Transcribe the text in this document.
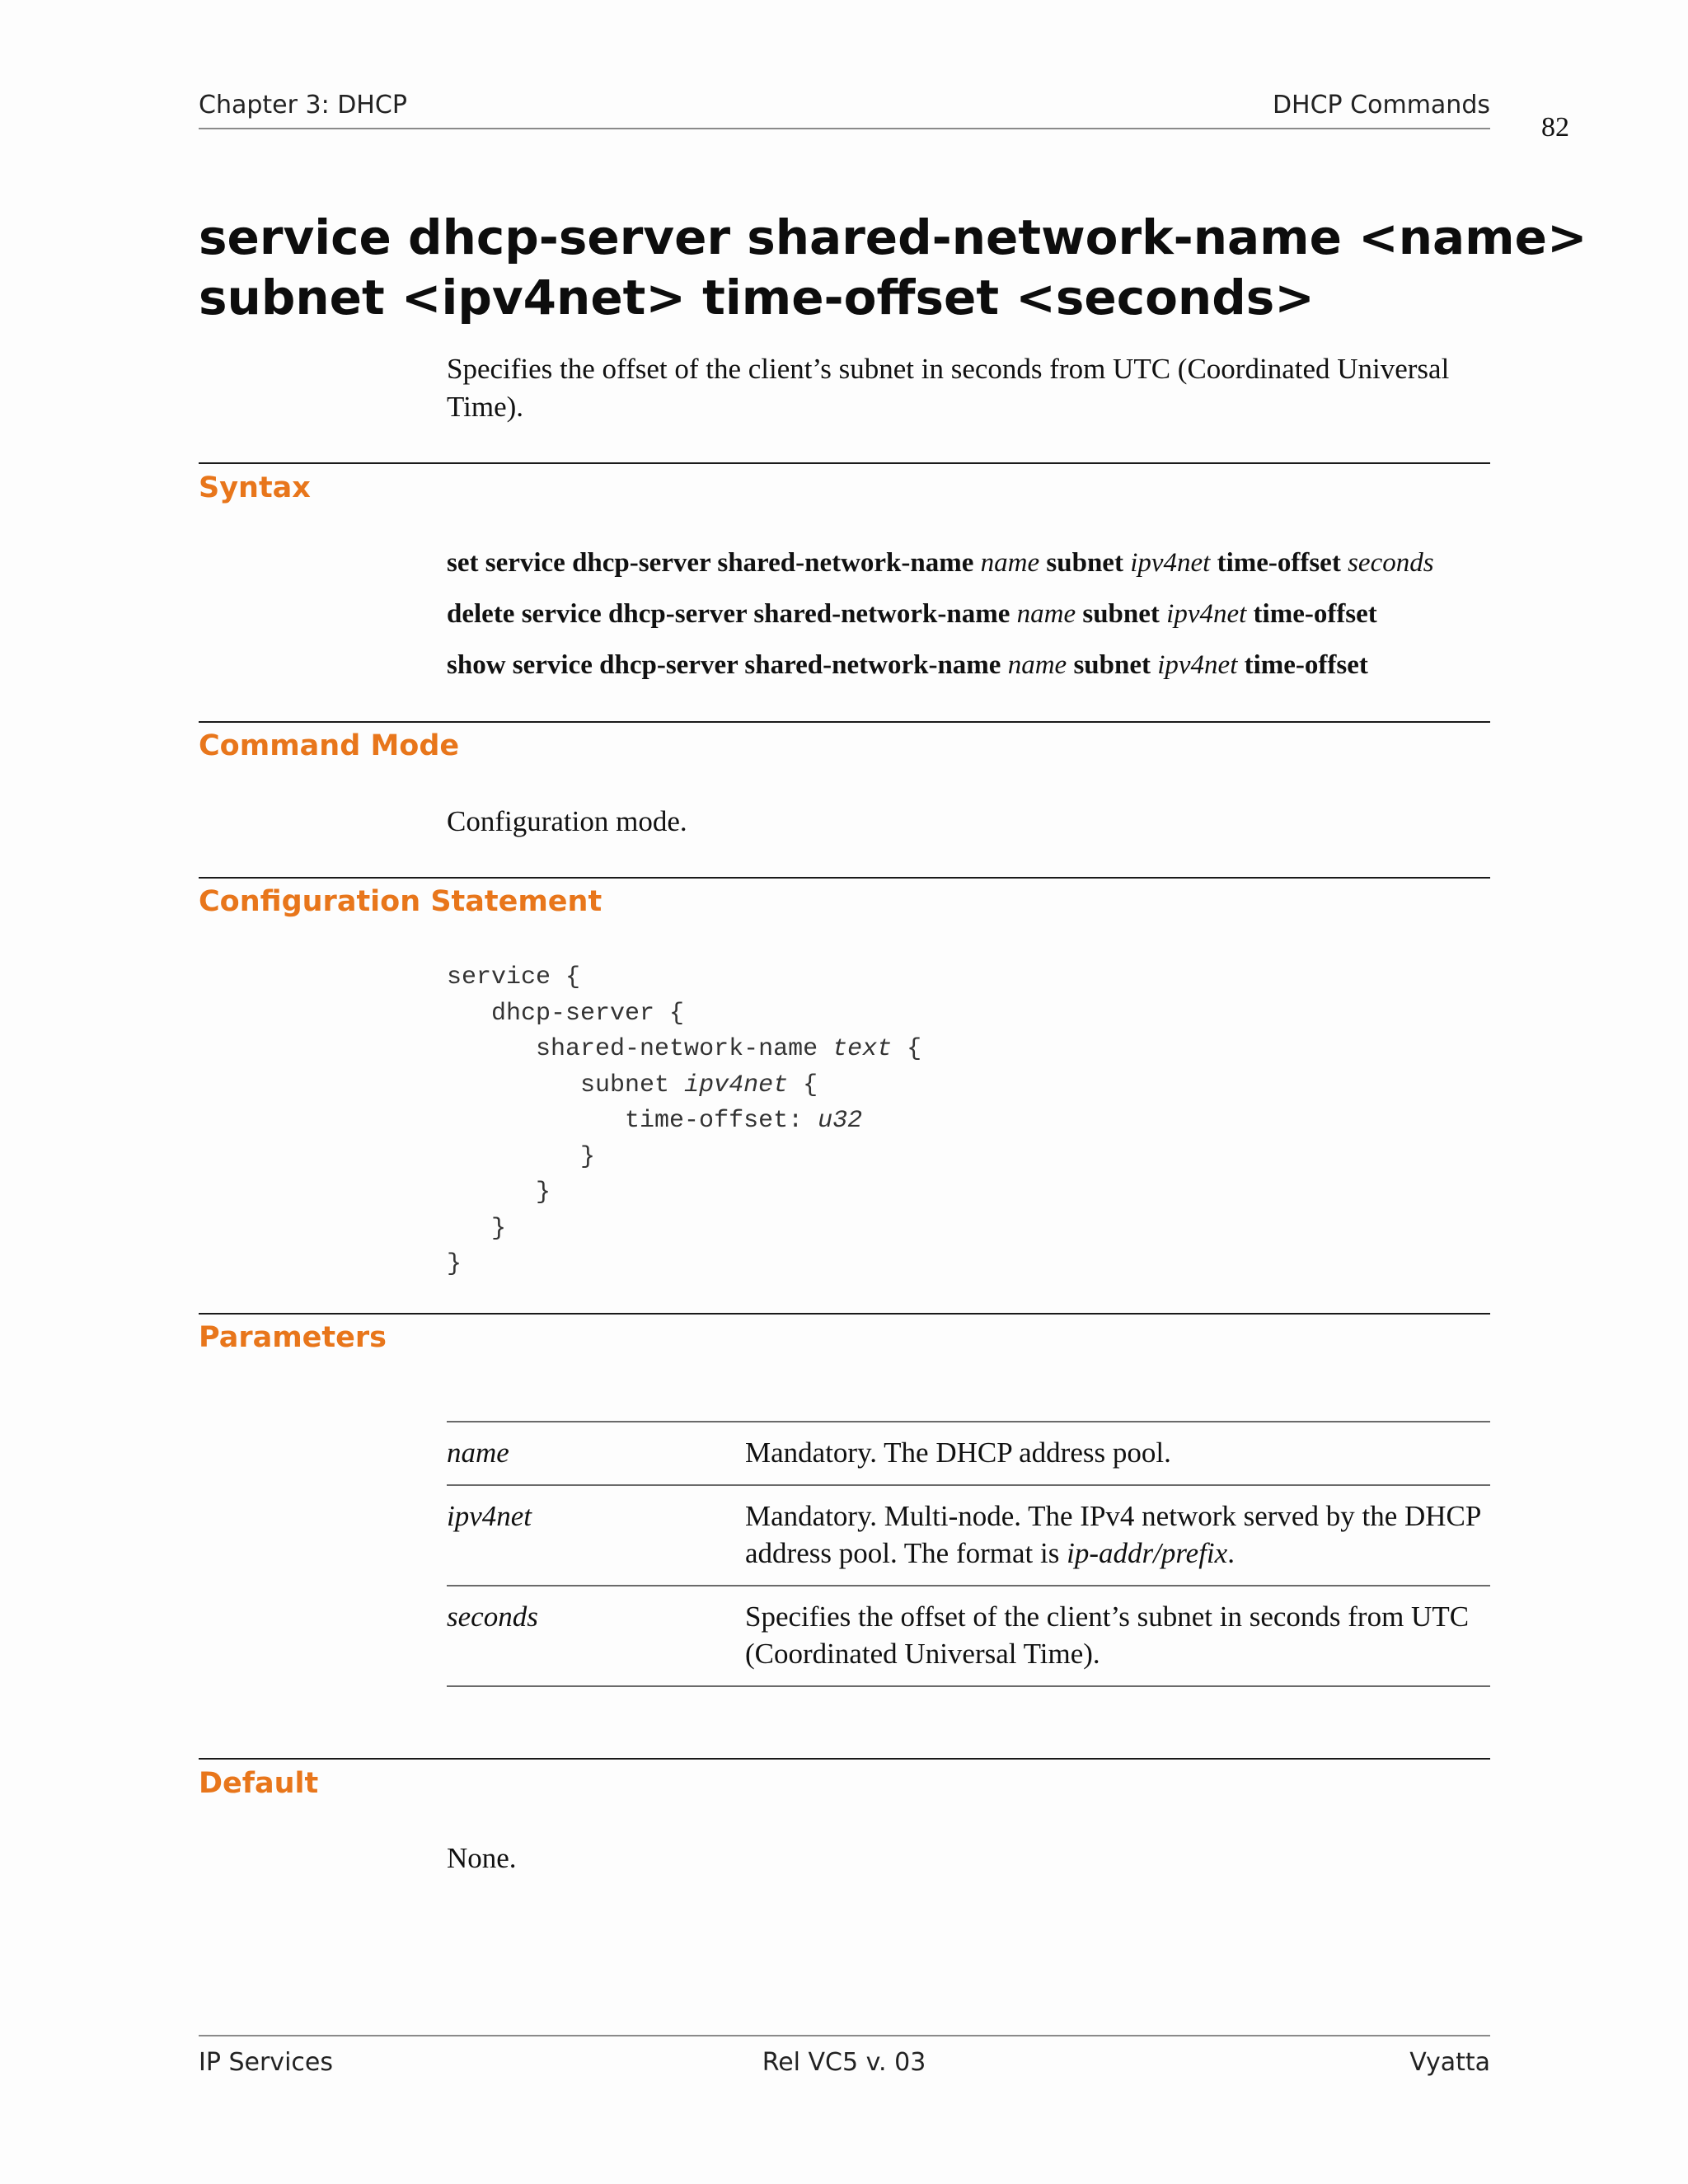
Chapter 3: DHCP	DHCP Commands
82
service dhcp-server shared-network-name <name>
subnet <ipv4net> time-offset <seconds>
Specifies the offset of the client’s subnet in seconds from UTC (Coordinated Universal Time).
Syntax
set service dhcp-server shared-network-name name subnet ipv4net time-offset seconds
delete service dhcp-server shared-network-name name subnet ipv4net time-offset
show service dhcp-server shared-network-name name subnet ipv4net time-offset
Command Mode
Configuration mode.
Configuration Statement
service {
dhcp-server {
shared-network-name text {
subnet ipv4net {
time-offset: u32
}
}
}
}
Parameters
name	Mandatory. The DHCP address pool.
ipv4net	Mandatory. Multi-node. The IPv4 network served by the DHCP address pool. The format is ip-addr/prefix.
seconds	Specifies the offset of the client’s subnet in seconds from UTC (Coordinated Universal Time).
Default
None.
IP Services	Rel VC5 v. 03	Vyatta
